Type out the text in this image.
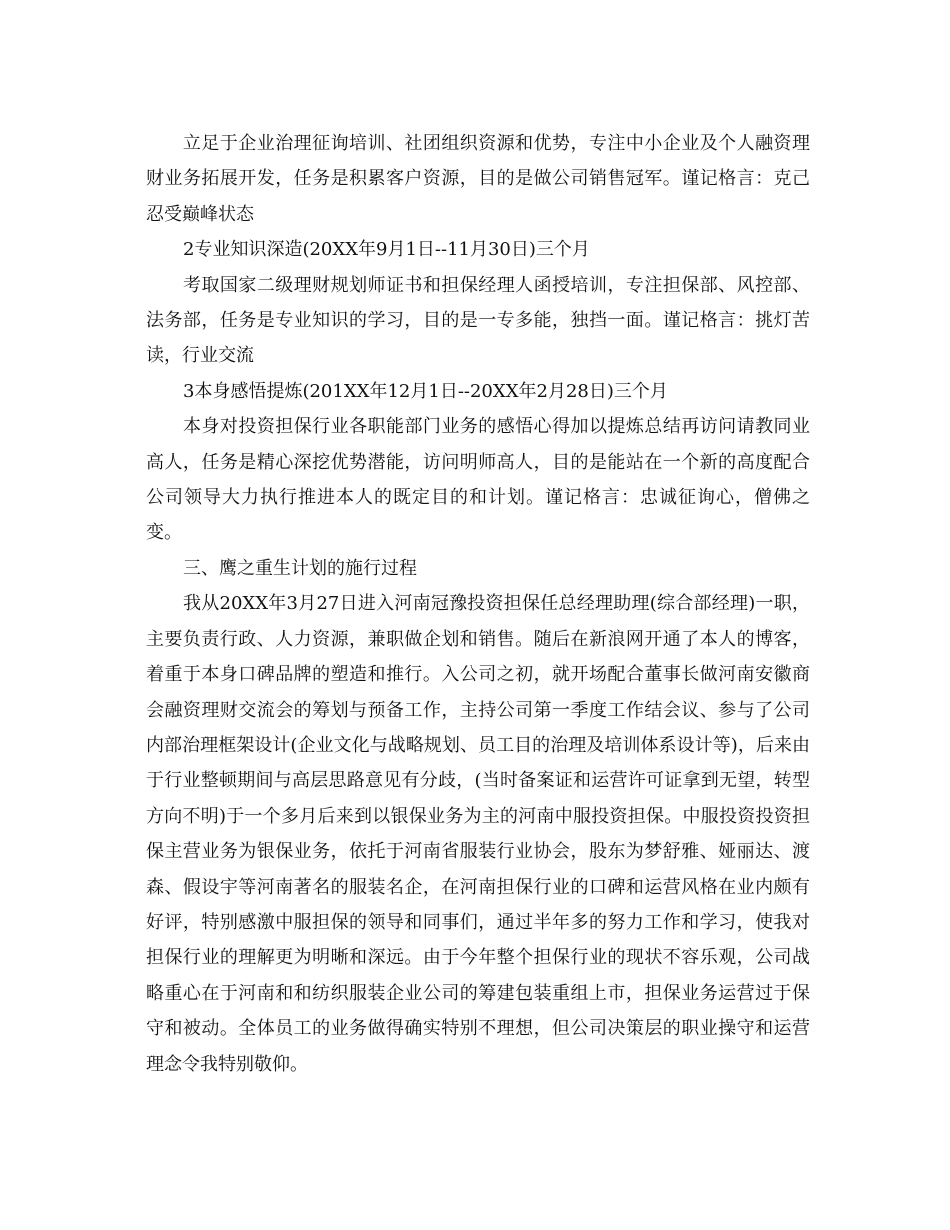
　　立足于企业治理征询培训、社团组织资源和优势，专注中小企业及个人融资理财业务拓展开发，任务是积累客户资源，目的是做公司销售冠军。谨记格言：克己忍受巅峰状态

2专业知识深造(20XX年9月1日--11月30日)三个月

考取国家二级理财规划师证书和担保经理人函授培训，专注担保部、风控部、法务部，任务是专业知识的学习，目的是一专多能，独挡一面。谨记格言：挑灯苦读，行业交流

3本身感悟提炼(201XX年12月1日--20XX年2月28日)三个月

本身对投资担保行业各职能部门业务的感悟心得加以提炼总结再访问请教同业高人，任务是精心深挖优势潜能，访问明师高人，目的是能站在一个新的高度配合公司领导大力执行推进本人的既定目的和计划。谨记格言：忠诚征询心，僧佛之变。

三、鹰之重生计划的施行过程

我从20XX年3月27日进入河南冠豫投资担保任总经理助理(综合部经理)一职，主要负责行政、人力资源，兼职做企划和销售。随后在新浪网开通了本人的博客，着重于本身口碑品牌的塑造和推行。入公司之初，就开场配合董事长做河南安徽商会融资理财交流会的筹划与预备工作，主持公司第一季度工作结会议、参与了公司内部治理框架设计(企业文化与战略规划、员工目的治理及培训体系设计等)，后来由于行业整顿期间与高层思路意见有分歧，(当时备案证和运营许可证拿到无望，转型方向不明)于一个多月后来到以银保业务为主的河南中服投资担保。中服投资投资担保主营业务为银保业务，依托于河南省服装行业协会，股东为梦舒雅、娅丽达、渡森、假设宇等河南著名的服装名企，在河南担保行业的口碑和运营风格在业内颇有好评，特别感激中服担保的领导和同事们，通过半年多的努力工作和学习，使我对担保行业的理解更为明晰和深远。由于今年整个担保行业的现状不容乐观，公司战略重心在于河南和和纺织服装企业公司的筹建包装重组上市，担保业务运营过于保守和被动。全体员工的业务做得确实特别不理想，但公司决策层的职业操守和运营理念令我特别敬仰。
